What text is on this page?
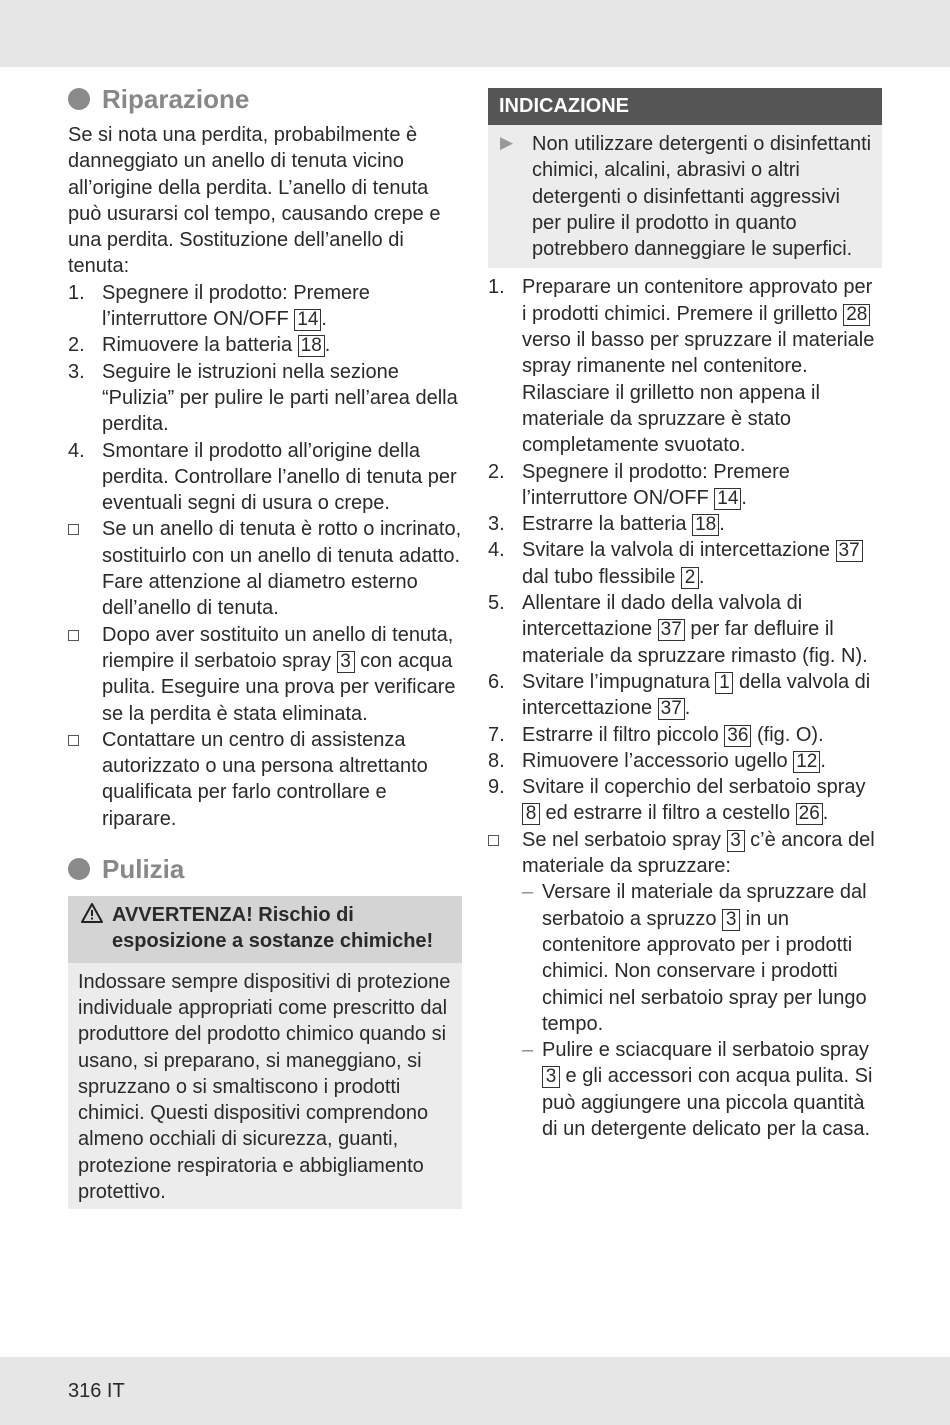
Riparazione

Se si nota una perdita, probabilmente è danneggiato un anello di tenuta vicino all’origine della perdita. L’anello di tenuta può usurarsi col tempo, causando crepe e una perdita. Sostituzione dell’anello di tenuta:

1. Spegnere il prodotto: Premere l’interruttore ON/OFF 14 .
2. Rimuovere la batteria 18 .
3. Seguire le istruzioni nella sezione “Pulizia” per pulire le parti nell’area della perdita.
4. Smontare il prodotto all’origine della perdita. Controllare l’anello di tenuta per eventuali segni di usura o crepe.
Se un anello di tenuta è rotto o incrinato, sostituirlo con un anello di tenuta adatto. Fare attenzione al diametro esterno dell’anello di tenuta.
Dopo aver sostituito un anello di tenuta, riempire il serbatoio spray 3 con acqua pulita. Eseguire una prova per verificare se la perdita è stata eliminata.
Contattare un centro di assistenza autorizzato o una persona altrettanto qualificata per farlo controllare e riparare.
Pulizia
AVVERTENZA! Rischio di esposizione a sostanze chimiche!
Indossare sempre dispositivi di protezione individuale appropriati come prescritto dal produttore del prodotto chimico quando si usano, si preparano, si maneggiano, si spruzzano o si smaltiscono i prodotti chimici. Questi dispositivi comprendono almeno occhiali di sicurezza, guanti, protezione respiratoria e abbigliamento protettivo.
INDICAZIONE
▶ Non utilizzare detergenti o disinfettanti chimici, alcalini, abrasivi o altri detergenti o disinfettanti aggressivi per pulire il prodotto in quanto potrebbero danneggiare le superfici.
1. Preparare un contenitore approvato per i prodotti chimici. Premere il grilletto 28 verso il basso per spruzzare il materiale spray rimanente nel contenitore. Rilasciare il grilletto non appena il materiale da spruzzare è stato completamente svuotato.
2. Spegnere il prodotto: Premere l’interruttore ON/OFF 14 .
3. Estrarre la batteria 18 .
4. Svitare la valvola di intercettazione 37 dal tubo flessibile 2 .
5. Allentare il dado della valvola di intercettazione 37 per far defluire il materiale da spruzzare rimasto (fig. N).
6. Svitare l’impugnatura 1 della valvola di intercettazione 37 .
7. Estrarre il filtro piccolo 36 (fig. O).
8. Rimuovere l’accessorio ugello 12 .
9. Svitare il coperchio del serbatoio spray 8 ed estrarre il filtro a cestello 26 .
Se nel serbatoio spray 3 c’è ancora del materiale da spruzzare:
– Versare il materiale da spruzzare dal serbatoio a spruzzo 3 in un contenitore approvato per i prodotti chimici. Non conservare i prodotti chimici nel serbatoio spray per lungo tempo.
– Pulire e sciacquare il serbatoio spray 3 e gli accessori con acqua pulita. Si può aggiungere una piccola quantità di un detergente delicato per la casa.
316 IT
